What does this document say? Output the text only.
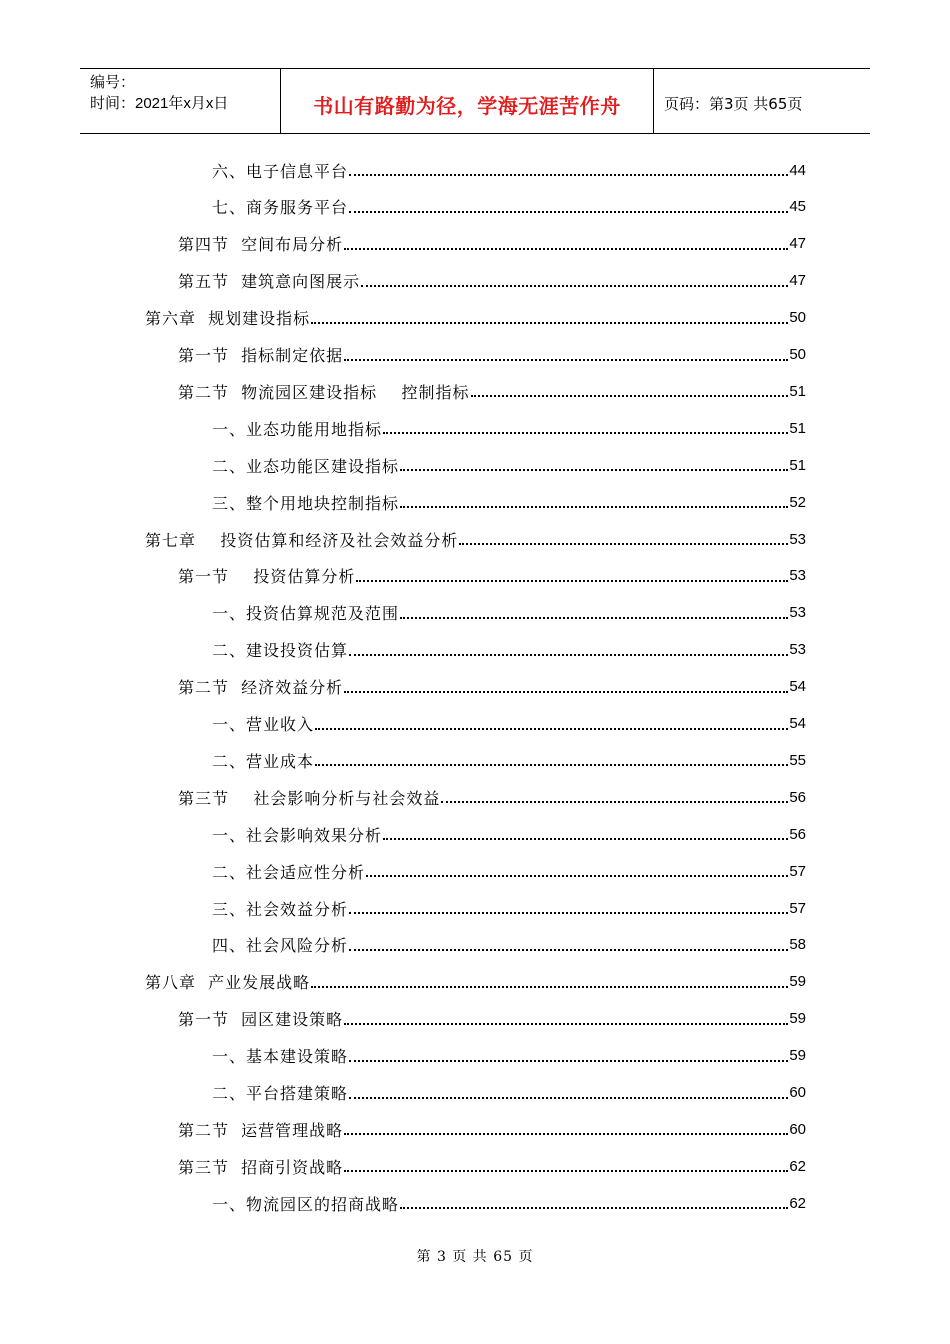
编号：
时间：2021年x月x日	书山有路勤为径，学海无涯苦作舟	页码：第3页 共65页
六、电子信息平台	44
七、商务服务平台	45
第四节  空间布局分析	47
第五节  建筑意向图展示	47
第六章  规划建设指标	50
第一节  指标制定依据	50
第二节  物流园区建设指标    控制指标	51
一、业态功能用地指标	51
二、业态功能区建设指标	51
三、整个用地块控制指标	52
第七章    投资估算和经济及社会效益分析	53
第一节    投资估算分析	53
一、投资估算规范及范围	53
二、建设投资估算	53
第二节  经济效益分析	54
一、营业收入	54
二、营业成本	55
第三节    社会影响分析与社会效益	56
一、社会影响效果分析	56
二、社会适应性分析	57
三、社会效益分析	57
四、社会风险分析	58
第八章  产业发展战略	59
第一节  园区建设策略	59
一、基本建设策略	59
二、平台搭建策略	60
第二节  运营管理战略	60
第三节  招商引资战略	62
一、物流园区的招商战略	62
第 3 页 共 65 页
